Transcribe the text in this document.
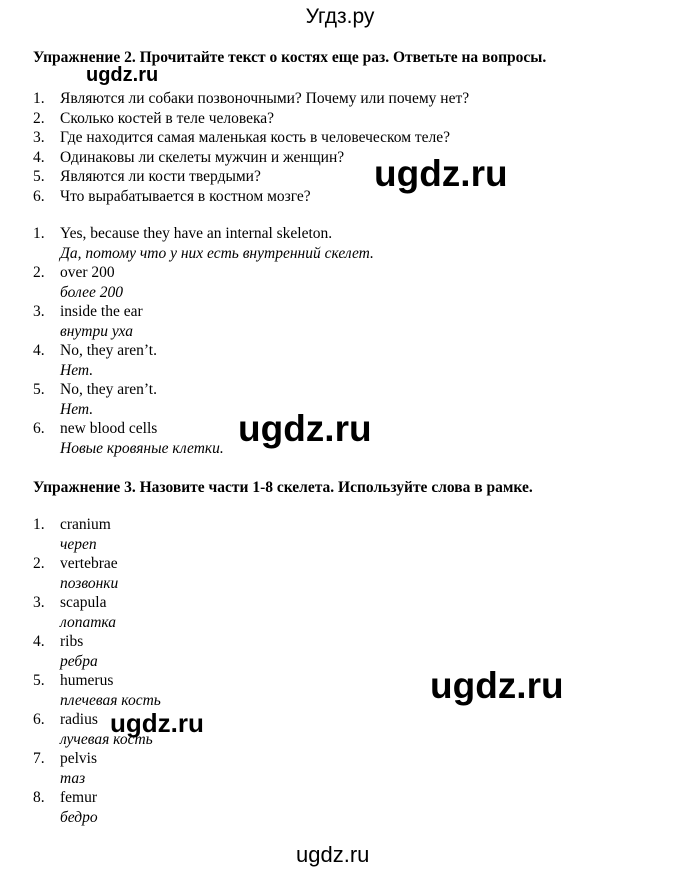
Угдз.ру
Упражнение 2. Прочитайте текст о костях еще раз. Ответьте на вопросы.
1. Являются ли собаки позвоночными? Почему или почему нет?
2. Сколько костей в теле человека?
3. Где находится самая маленькая кость в человеческом теле?
4. Одинаковы ли скелеты мужчин и женщин?
5. Являются ли кости твердыми?
6. Что вырабатывается в костном мозге?
1. Yes, because they have an internal skeleton.
Да, потому что у них есть внутренний скелет.
2. over 200
более 200
3. inside the ear
внутри уха
4. No, they aren’t.
Нет.
5. No, they aren’t.
Нет.
6. new blood cells
Новые кровяные клетки.
Упражнение 3. Назовите части 1-8 скелета. Используйте слова в рамке.
1. cranium
череп
2. vertebrae
позвонки
3. scapula
лопатка
4. ribs
ребра
5. humerus
плечевая кость
6. radius
лучевая кость
7. pelvis
таз
8. femur
бедро
ugdz.ru
ugdz.ru
ugdz.ru
ugdz.ru
ugdz.ru
ugdz.ru
